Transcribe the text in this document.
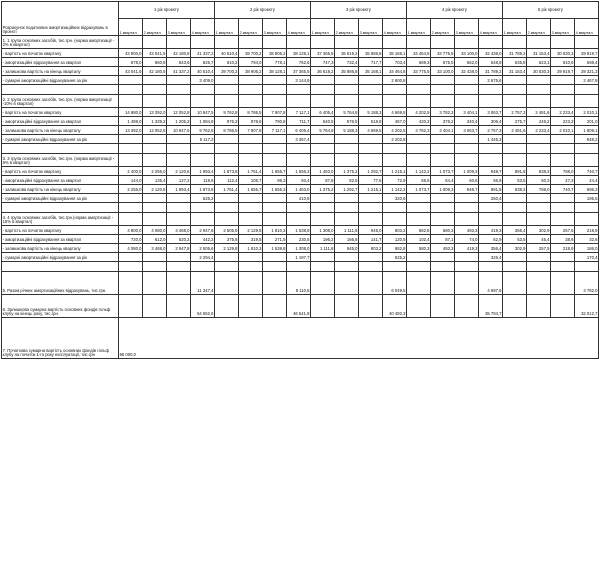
Розрахунок податкових амортизаційних відрахувань в проекті	1 рік проекту				2 рік проекту				3 рік проекту				4 рік проекту				5 рік проекту			
	1 квартал	2 квартал	3 квартал	4 квартал	1 квартал	2 квартал	3 квартал	4 квартал	1 квартал	2 квартал	3 квартал	4 квартал	1 квартал	2 квартал	3 квартал	4 квартал	1 квартал	2 квартал	3 квартал	4 квартал
1. 1 група основних засобів, тис.грн. (норма амортизації - 2% в квартал)																				
- вартість на початок кварталу	43 900,0	43 041,6	42 180,8	41 337,2	40 510,4	39 700,2	38 906,2	38 128,1	37 365,5	36 619,2	35 886,8	35 168,1	34 464,8	33 775,5	33 100,0	32 438,0	31 789,2	31 153,4	30 530,3	29 919,7
- амортизаційні відрахування за квартал	878,0	860,8	843,6	826,7	810,2	794,0	778,1	762,6	747,3	732,4	717,7	703,4	689,3	675,5	662,0	648,8	635,8	623,1	610,6	598,4
- залишкова вартість на кінець кварталу	43 041,6	42 180,8	41 337,2	40 510,4	39 700,2	38 906,2	38 128,1	37 365,5	36 619,2	35 886,8	35 168,1	34 464,8	33 775,5	33 100,0	32 438,0	31 789,2	31 153,4	30 530,3	29 919,7	29 321,3
- сумарні амортизаційні відрахування за рік				3 409,0				3 144,9				2 900,8				2 675,6				2 467,9

2. 2 група основних засобів, тис.грн. (норма амортизації -10% в квартал)																				
- вартість на початок кварталу	14 880,0	13 392,0	12 052,8	10 847,5	9 762,8	8 786,5	7 907,8	7 117,1	6 405,4	5 764,8	5 188,3	4 669,5	4 202,5	3 782,3	3 404,1	3 063,7	2 757,3	2 481,6	2 233,4	2 010,1
- амортизаційні відрахування за квартал	1 488,0	1 339,2	1 205,3	1 084,8	976,3	878,6	790,8	711,7	640,5	576,5	518,8	467,0	420,3	378,2	340,4	306,4	275,7	248,2	223,3	201,0
- залишкова вартість на кінець кварталу	13 392,0	12 052,8	10 847,5	9 762,8	8 786,5	7 907,8	7 117,1	6 405,4	5 764,8	5 188,3	4 669,5	4 202,5	3 782,3	3 404,1	3 063,7	2 757,3	2 481,6	2 233,4	2 010,1	1 809,1
- сумарні амортизаційні відрахування за рік				5 117,2				3 357,4				2 202,8				1 445,3				948,2

3. 3 група основних засобів, тис.грн. (норма амортизації - 6% в квартал)																				
- вартість на початок кварталу	2 400,0	2 256,0	2 120,6	1 993,4	1 873,8	1 761,4	1 655,7	1 556,3	1 463,0	1 375,2	1 292,7	1 215,1	1 142,2	1 073,7	1 009,3	948,7	891,8	838,3	788,0	740,7
- амортизаційні відрахування за квартал	144,0	135,4	127,2	119,6	112,4	105,7	99,3	93,4	87,8	82,5	77,6	72,9	68,5	64,4	60,6	56,9	53,5	50,3	47,3	44,4
- залишкова вартість на кінець кварталу	2 256,0	2 120,6	1 993,4	1 873,8	1 761,4	1 655,7	1 556,3	1 463,0	1 375,2	1 292,7	1 215,1	1 142,2	1 073,7	1 009,3	948,7	891,8	838,3	788,0	740,7	696,3
- сумарні амортизаційні відрахування за рік				526,2				410,8				320,6				250,4				195,5

4. 4 група основних засобів, тис.грн.(норма амортизації - 15% в квартал)																				
- вартість на початок кварталу	4 800,0	4 080,0	3 468,0	2 947,8	2 505,6	2 129,8	1 810,3	1 538,8	1 308,0	1 111,8	945,0	803,2	682,8	580,3	493,3	419,3	356,4	302,9	257,5	218,9
- амортизаційні відрахування за квартал	720,0	612,0	520,2	442,2	375,8	319,5	271,5	230,8	196,2	166,8	141,7	120,5	102,4	87,1	74,0	62,9	53,5	45,4	38,6	32,8
- залишкова вартість на кінець кварталу	4 080,0	3 468,0	2 947,8	2 505,6	2 129,8	1 810,3	1 538,8	1 308,0	1 111,8	945,0	803,2	682,8	580,3	493,3	419,3	356,4	302,9	257,5	218,9	186,0
- сумарні амортизаційні відрахування за рік				2 294,4				1 197,7				625,2				326,4				170,4

5. Разом річних амортизаційних відрахувань, тис.грн.				11 347,4				8 110,8				6 049,5				4 697,6				3 782,0
6. Залишкова сумарна вартість основних фондів гольф клубу на кінець року, тис.грн.				54 652,6				46 541,8				40 492,3				35 794,7				32 012,7
7. Початкова сумарна вартість основних фондів гольф клубу на початок 1-го року експлуатації, тис.грн	66 000,0																			
